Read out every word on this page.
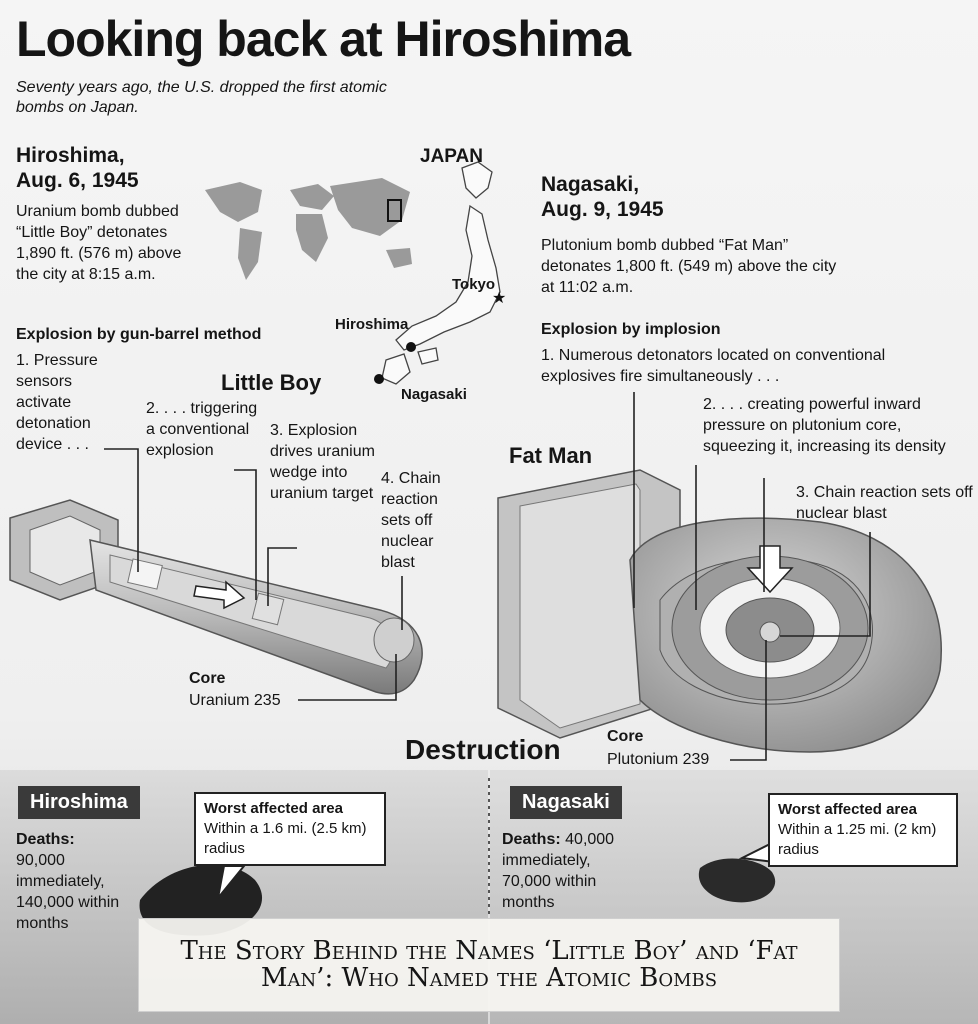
★
Looking back at Hiroshima
Seventy years ago, the U.S. dropped the first atomic bombs on Japan.
Hiroshima,
Aug. 6, 1945
Uranium bomb dubbed “Little Boy” detonates 1,890 ft. (576 m) above the city at 8:15 a.m.
Explosion by gun-barrel method
1. Pressure sensors activate detonation device . . .
2. . . . triggering a conventional explosion
3. Explosion drives uranium wedge into uranium target
4. Chain reaction sets off nuclear blast
Little Boy
Core
Uranium 235
JAPAN
Tokyo
Hiroshima
Nagasaki
Nagasaki,
Aug. 9, 1945
Plutonium bomb dubbed “Fat Man” detonates 1,800 ft. (549 m) above the city at 11:02 a.m.
Explosion by implosion
1. Numerous detonators located on conventional explosives fire simultaneously . . .
2. . . . creating powerful inward pressure on plutonium core, squeezing it, increasing its density
3. Chain reaction sets off nuclear blast
Fat Man
Core
Plutonium 239
Destruction
Hiroshima
Deaths: 90,000 immediately, 140,000 within months
Worst affected area
Within a 1.6 mi. (2.5 km) radius
Nagasaki
Deaths: 40,000 immediately, 70,000 within months
Worst affected area
Within a 1.25 mi. (2 km) radius
The Story Behind the Names ‘Little Boy’ and ‘Fat Man’: Who Named the Atomic Bombs
